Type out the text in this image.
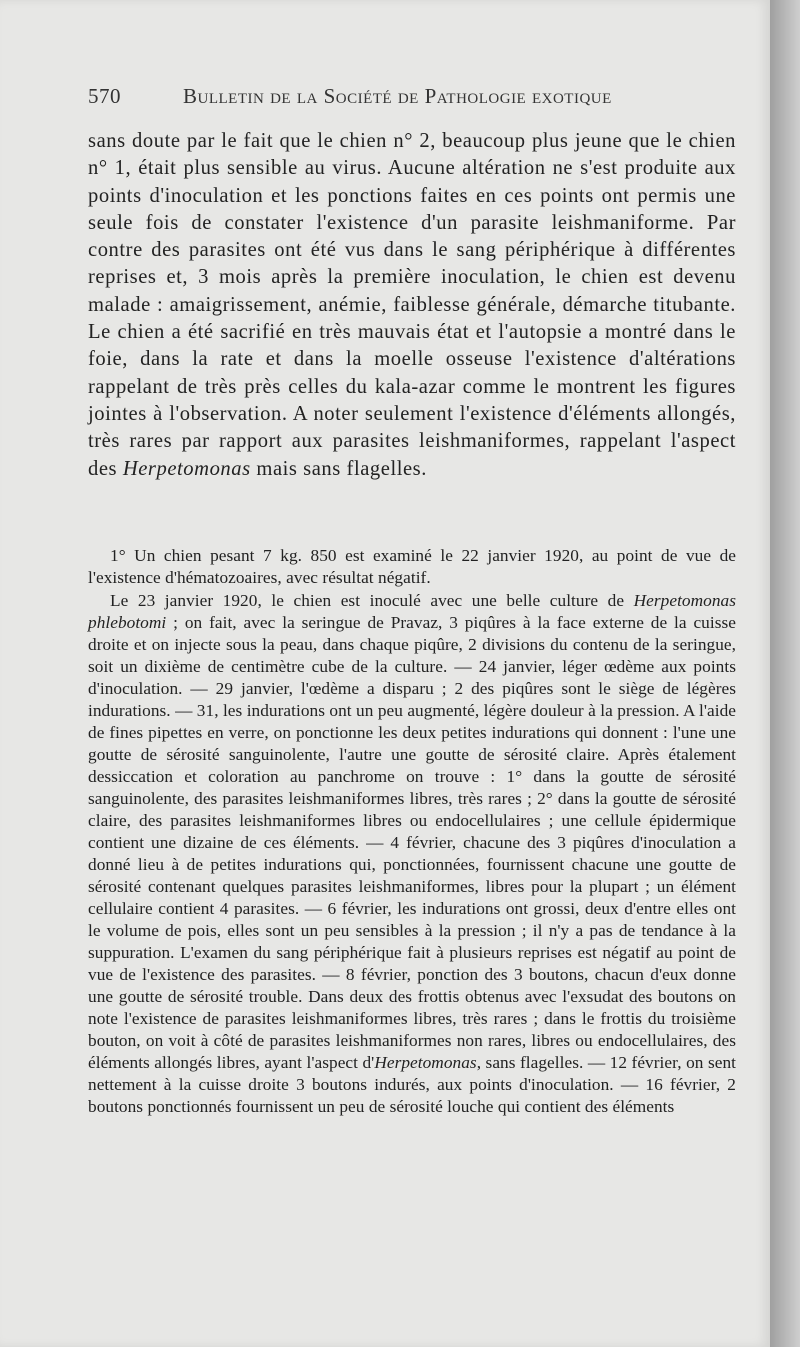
570	Bulletin de la Société de Pathologie exotique
sans doute par le fait que le chien n° 2, beaucoup plus jeune que le chien n° 1, était plus sensible au virus. Aucune altération ne s'est produite aux points d'inoculation et les ponctions faites en ces points ont permis une seule fois de constater l'existence d'un parasite leishmaniforme. Par contre des parasites ont été vus dans le sang périphérique à différentes reprises et, 3 mois après la première inoculation, le chien est devenu malade : amaigrissement, anémie, faiblesse générale, démarche titubante. Le chien a été sacrifié en très mauvais état et l'autopsie a montré dans le foie, dans la rate et dans la moelle osseuse l'existence d'altérations rappelant de très près celles du kala-azar comme le montrent les figures jointes à l'observation. A noter seulement l'existence d'éléments allongés, très rares par rapport aux parasites leishmaniformes, rappelant l'aspect des Herpetomonas mais sans flagelles.

1° Un chien pesant 7 kg. 850 est examiné le 22 janvier 1920, au point de vue de l'existence d'hématozoaires, avec résultat négatif.

Le 23 janvier 1920, le chien est inoculé avec une belle culture de Herpetomonas phlebotomi ; on fait, avec la seringue de Pravaz, 3 piqûres à la face externe de la cuisse droite et on injecte sous la peau, dans chaque piqûre, 2 divisions du contenu de la seringue, soit un dixième de centimètre cube de la culture. — 24 janvier, léger œdème aux points d'inoculation. — 29 janvier, l'œdème a disparu ; 2 des piqûres sont le siège de légères indurations. — 31, les indurations ont un peu augmenté, légère douleur à la pression. A l'aide de fines pipettes en verre, on ponctionne les deux petites indurations qui donnent : l'une une goutte de sérosité sanguinolente, l'autre une goutte de sérosité claire. Après étalement dessiccation et coloration au panchrome on trouve : 1° dans la goutte de sérosité sanguinolente, des parasites leishmaniformes libres, très rares ; 2° dans la goutte de sérosité claire, des parasites leishmaniformes libres ou endocellulaires ; une cellule épidermique contient une dizaine de ces éléments. — 4 février, chacune des 3 piqûres d'inoculation a donné lieu à de petites indurations qui, ponctionnées, fournissent chacune une goutte de sérosité contenant quelques parasites leishmaniformes, libres pour la plupart ; un élément cellulaire contient 4 parasites. — 6 février, les indurations ont grossi, deux d'entre elles ont le volume de pois, elles sont un peu sensibles à la pression ; il n'y a pas de tendance à la suppuration. L'examen du sang périphérique fait à plusieurs reprises est négatif au point de vue de l'existence des parasites. — 8 février, ponction des 3 boutons, chacun d'eux donne une goutte de sérosité trouble. Dans deux des frottis obtenus avec l'exsudat des boutons on note l'existence de parasites leishmaniformes libres, très rares ; dans le frottis du troisième bouton, on voit à côté de parasites leishmaniformes non rares, libres ou endocellulaires, des éléments allongés libres, ayant l'aspect d'Herpetomonas, sans flagelles. — 12 février, on sent nettement à la cuisse droite 3 boutons indurés, aux points d'inoculation. — 16 février, 2 boutons ponctionnés fournissent un peu de sérosité louche qui contient des éléments
